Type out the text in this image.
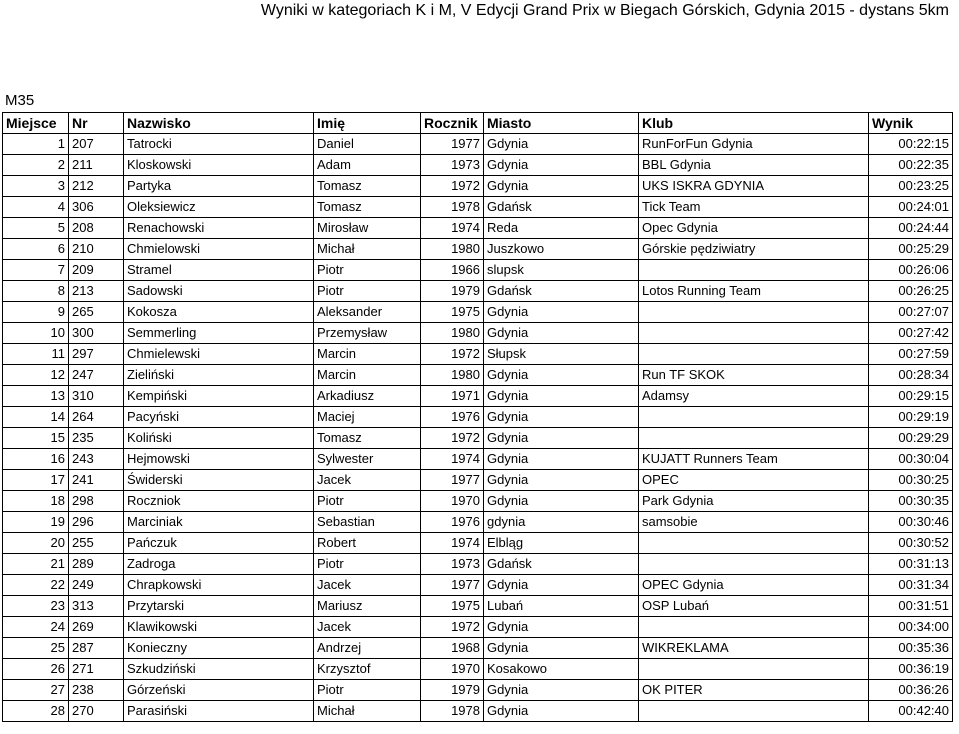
Wyniki w kategoriach K i M, V Edycji Grand Prix w Biegach Górskich, Gdynia 2015 - dystans 5km
M35
Miejsce	Nr	Nazwisko	Imię	Rocznik	Miasto	Klub	Wynik
1	207	Tatrocki	Daniel	1977	Gdynia	RunForFun Gdynia	00:22:15
2	211	Kloskowski	Adam	1973	Gdynia	BBL Gdynia	00:22:35
3	212	Partyka	Tomasz	1972	Gdynia	UKS ISKRA GDYNIA	00:23:25
4	306	Oleksiewicz	Tomasz	1978	Gdańsk	Tick Team	00:24:01
5	208	Renachowski	Mirosław	1974	Reda	Opec Gdynia	00:24:44
6	210	Chmielowski	Michał	1980	Juszkowo	Górskie pędziwiatry	00:25:29
7	209	Stramel	Piotr	1966	slupsk		00:26:06
8	213	Sadowski	Piotr	1979	Gdańsk	Lotos Running Team	00:26:25
9	265	Kokosza	Aleksander	1975	Gdynia		00:27:07
10	300	Semmerling	Przemysław	1980	Gdynia		00:27:42
11	297	Chmielewski	Marcin	1972	Słupsk		00:27:59
12	247	Zieliński	Marcin	1980	Gdynia	Run TF SKOK	00:28:34
13	310	Kempiński	Arkadiusz	1971	Gdynia	Adamsy	00:29:15
14	264	Pacyński	Maciej	1976	Gdynia		00:29:19
15	235	Koliński	Tomasz	1972	Gdynia		00:29:29
16	243	Hejmowski	Sylwester	1974	Gdynia	KUJATT Runners Team	00:30:04
17	241	Świderski	Jacek	1977	Gdynia	OPEC	00:30:25
18	298	Roczniok	Piotr	1970	Gdynia	Park Gdynia	00:30:35
19	296	Marciniak	Sebastian	1976	gdynia	samsobie	00:30:46
20	255	Pańczuk	Robert	1974	Elbląg		00:30:52
21	289	Zadroga	Piotr	1973	Gdańsk		00:31:13
22	249	Chrapkowski	Jacek	1977	Gdynia	OPEC Gdynia	00:31:34
23	313	Przytarski	Mariusz	1975	Lubań	OSP Lubań	00:31:51
24	269	Klawikowski	Jacek	1972	Gdynia		00:34:00
25	287	Konieczny	Andrzej	1968	Gdynia	WIKREKLAMA	00:35:36
26	271	Szkudziński	Krzysztof	1970	Kosakowo		00:36:19
27	238	Górzeński	Piotr	1979	Gdynia	OK PITER	00:36:26
28	270	Parasiński	Michał	1978	Gdynia		00:42:40
